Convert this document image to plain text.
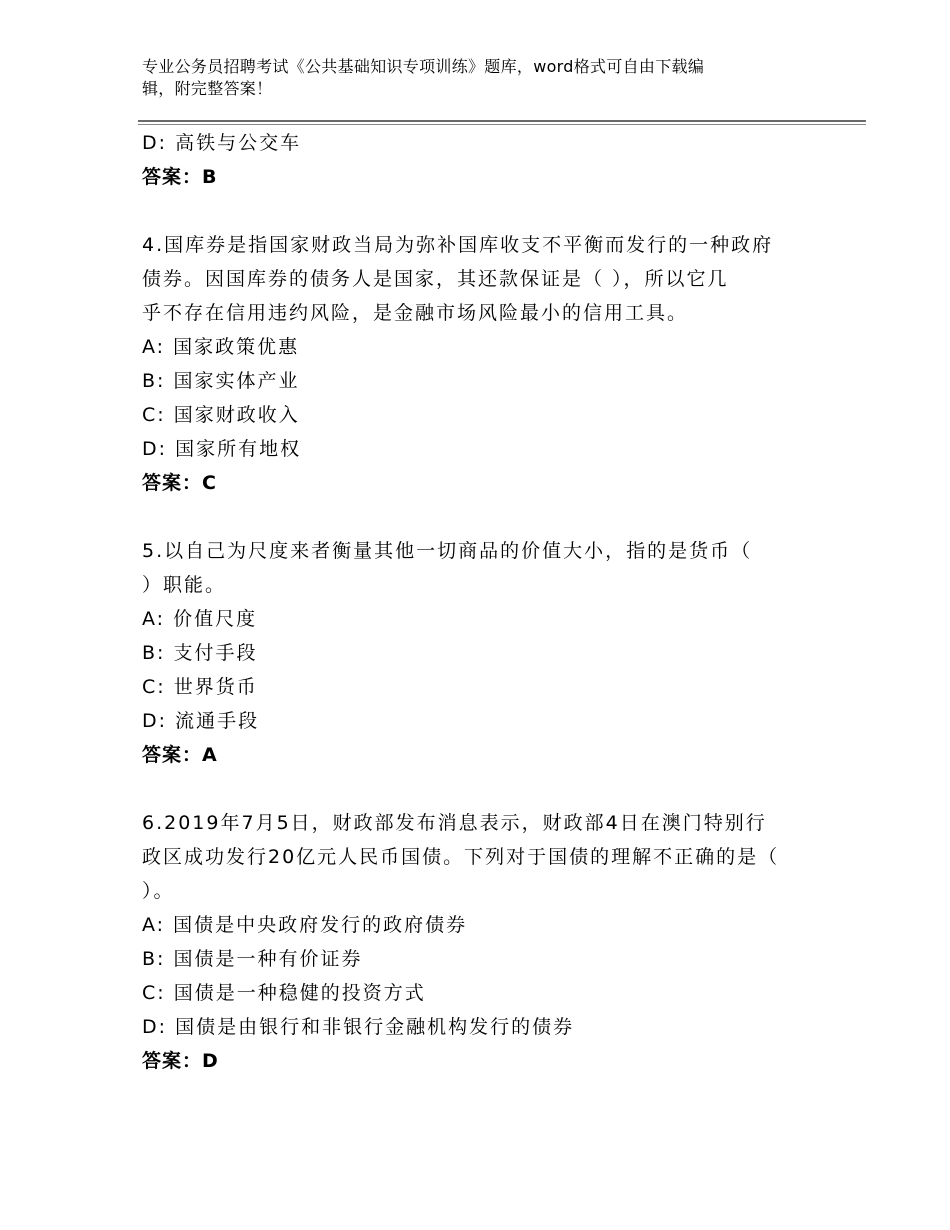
专业公务员招聘考试《公共基础知识专项训练》题库，word格式可自由下载编
辑，附完整答案！
D: 高铁与公交车
答案：B
4.国库券是指国家财政当局为弥补国库收支不平衡而发行的一种政府
债券。因国库券的债务人是国家，其还款保证是（ ），所以它几
乎不存在信用违约风险，是金融市场风险最小的信用工具。
A: 国家政策优惠
B: 国家实体产业
C: 国家财政收入
D: 国家所有地权
答案：C
5.以自己为尺度来者衡量其他一切商品的价值大小，指的是货币（
）职能。
A: 价值尺度
B: 支付手段
C: 世界货币
D: 流通手段
答案：A
6.2019年7月5日，财政部发布消息表示，财政部4日在澳门特别行
政区成功发行20亿元人民币国债。下列对于国债的理解不正确的是（
）。
A: 国债是中央政府发行的政府债券
B: 国债是一种有价证券
C: 国债是一种稳健的投资方式
D: 国债是由银行和非银行金融机构发行的债券
答案：D
